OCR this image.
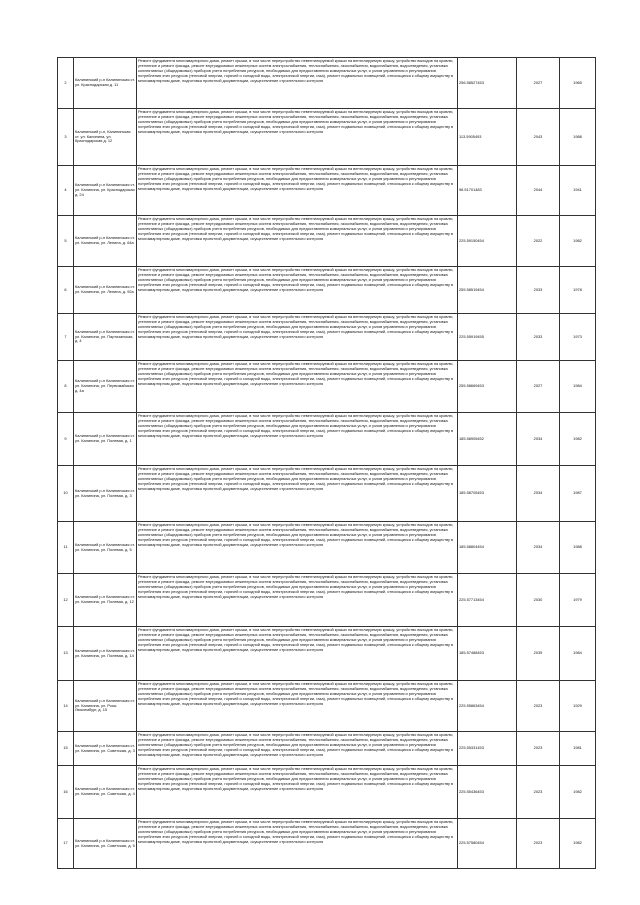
2	Калининский р-н Калининская ст. ул. Краснодарская д. 11	Ремонт фундамента многоквартирного дома, ремонт крыши, в том числе переустройство невентилируемой крыши на вентилируемую крышу, устройство выходов на кровлю, утепление и ремонт фасада, ремонт внутридомовых инженерных систем электроснабжения, теплоснабжения, газоснабжения, водоснабжения, водоотведения, установка коллективных (общедомовых) приборов учета потребления ресурсов, необходимых для предоставления коммунальных услуг, и узлов управления и регулирования потребления этих ресурсов (тепловой энергии, горячей и холодной воды, электрической энергии, газа), ремонт подвальных помещений, относящихся к общему имуществу в многоквартирном доме, подготовка проектной документации, осуществление строительного контроля	256.58527453	2027	1965
3	Калининский р-н, Калининская ст. ул. Калинина, ул. Краснодарская д. 12	Ремонт фундамента многоквартирного дома, ремонт крыши, в том числе переустройство невентилируемой крыши на вентилируемую крышу, устройство выходов на кровлю, утепление и ремонт фасада, ремонт внутридомовых инженерных систем электроснабжения, теплоснабжения, газоснабжения, водоснабжения, водоотведения, установка коллективных (общедомовых) приборов учета потребления ресурсов, необходимых для предоставления коммунальных услуг, и узлов управления и регулирования потребления этих ресурсов (тепловой энергии, горячей и холодной воды, электрической энергии, газа), ремонт подвальных помещений, относящихся к общему имуществу в многоквартирном доме, подготовка проектной документации, осуществление строительного контроля	113.5905493	2043	1988
4	Калининский р-н Калининская ст. ул. Калинина, ул. Краснодарская д. 24	Ремонт фундамента многоквартирного дома, ремонт крыши, в том числе переустройство невентилируемой крыши на вентилируемую крышу, устройство выходов на кровлю, утепление и ремонт фасада, ремонт внутридомовых инженерных систем электроснабжения, теплоснабжения, газоснабжения, водоснабжения, водоотведения, установка коллективных (общедомовых) приборов учета потребления ресурсов, необходимых для предоставления коммунальных услуг, и узлов управления и регулирования потребления этих ресурсов (тепловой энергии, горячей и холодной воды, электрической энергии, газа), ремонт подвальных помещений, относящихся к общему имуществу в многоквартирном доме, подготовка проектной документации, осуществление строительного контроля	96.51701483	2044	1941
5	Калининский р-н Калининская ст. ул. Калинина, ул. Ленина, д. 64а	Ремонт фундамента многоквартирного дома, ремонт крыши, в том числе переустройство невентилируемой крыши на вентилируемую крышу, устройство выходов на кровлю, утепление и ремонт фасада, ремонт внутридомовых инженерных систем электроснабжения, теплоснабжения, газоснабжения, водоснабжения, водоотведения, установка коллективных (общедомовых) приборов учета потребления ресурсов, необходимых для предоставления коммунальных услуг, и узлов управления и регулирования потребления этих ресурсов (тепловой энергии, горячей и холодной воды, электрической энергии, газа), ремонт подвальных помещений, относящихся к общему имуществу в многоквартирном доме, подготовка проектной документации, осуществление строительного контроля	225.59150454	2022	1982
6	Калининский р-н Калининская ст. ул. Калинина, ул. Ленина, д. 92а	Ремонт фундамента многоквартирного дома, ремонт крыши, в том числе переустройство невентилируемой крыши на вентилируемую крышу, устройство выходов на кровлю, утепление и ремонт фасада, ремонт внутридомовых инженерных систем электроснабжения, теплоснабжения, газоснабжения, водоснабжения, водоотведения, установка коллективных (общедомовых) приборов учета потребления ресурсов, необходимых для предоставления коммунальных услуг, и узлов управления и регулирования потребления этих ресурсов (тепловой энергии, горячей и холодной воды, электрической энергии, газа), ремонт подвальных помещений, относящихся к общему имуществу в многоквартирном доме, подготовка проектной документации, осуществление строительного контроля	255.58519454	2033	1978
7	Калининский р-н Калининская ст. ул. Калинина, ул. Партизанская, д. 4	Ремонт фундамента многоквартирного дома, ремонт крыши, в том числе переустройство невентилируемой крыши на вентилируемую крышу, устройство выходов на кровлю, утепление и ремонт фасада, ремонт внутридомовых инженерных систем электроснабжения, теплоснабжения, газоснабжения, водоснабжения, водоотведения, установка коллективных (общедомовых) приборов учета потребления ресурсов, необходимых для предоставления коммунальных услуг, и узлов управления и регулирования потребления этих ресурсов (тепловой энергии, горячей и холодной воды, электрической энергии, газа), ремонт подвальных помещений, относящихся к общему имуществу в многоквартирном доме, подготовка проектной документации, осуществление строительного контроля	225.55919455	2033	1973
8	Калининский р-н Калининская ст. ул. Калинина, ул. Первомайская д. 4а	Ремонт фундамента многоквартирного дома, ремонт крыши, в том числе переустройство невентилируемой крыши на вентилируемую крышу, устройство выходов на кровлю, утепление и ремонт фасада, ремонт внутридомовых инженерных систем электроснабжения, теплоснабжения, газоснабжения, водоснабжения, водоотведения, установка коллективных (общедомовых) приборов учета потребления ресурсов, необходимых для предоставления коммунальных услуг, и узлов управления и регулирования потребления этих ресурсов (тепловой энергии, горячей и холодной воды, электрической энергии, газа), ремонт подвальных помещений, относящихся к общему имуществу в многоквартирном доме, подготовка проектной документации, осуществление строительного контроля	255.58669453	2027	1984
9	Калининский р-н Калининская ст. ул. Калинина, ул. Полевая, д. 1	Ремонт фундамента многоквартирного дома, ремонт крыши, в том числе переустройство невентилируемой крыши на вентилируемую крышу, устройство выходов на кровлю, утепление и ремонт фасада, ремонт внутридомовых инженерных систем электроснабжения, теплоснабжения, газоснабжения, водоснабжения, водоотведения, установка коллективных (общедомовых) приборов учета потребления ресурсов, необходимых для предоставления коммунальных услуг, и узлов управления и регулирования потребления этих ресурсов (тепловой энергии, горячей и холодной воды, электрической энергии, газа), ремонт подвальных помещений, относящихся к общему имуществу в многоквартирном доме, подготовка проектной документации, осуществление строительного контроля	185.58905452	2034	1982
10	Калининский р-н Калининская ст. ул. Калинина, ул. Полевая, д. 3	Ремонт фундамента многоквартирного дома, ремонт крыши, в том числе переустройство невентилируемой крыши на вентилируемую крышу, устройство выходов на кровлю, утепление и ремонт фасада, ремонт внутридомовых инженерных систем электроснабжения, теплоснабжения, газоснабжения, водоснабжения, водоотведения, установка коллективных (общедомовых) приборов учета потребления ресурсов, необходимых для предоставления коммунальных услуг, и узлов управления и регулирования потребления этих ресурсов (тепловой энергии, горячей и холодной воды, электрической энергии, газа), ремонт подвальных помещений, относящихся к общему имуществу в многоквартирном доме, подготовка проектной документации, осуществление строительного контроля	185.58705453	2034	1987
11	Калининский р-н Калининская ст. ул. Калинина, ул. Полевая, д. 5	Ремонт фундамента многоквартирного дома, ремонт крыши, в том числе переустройство невентилируемой крыши на вентилируемую крышу, устройство выходов на кровлю, утепление и ремонт фасада, ремонт внутридомовых инженерных систем электроснабжения, теплоснабжения, газоснабжения, водоснабжения, водоотведения, установка коллективных (общедомовых) приборов учета потребления ресурсов, необходимых для предоставления коммунальных услуг, и узлов управления и регулирования потребления этих ресурсов (тепловой энергии, горячей и холодной воды, электрической энергии, газа), ремонт подвальных помещений, относящихся к общему имуществу в многоквартирном доме, подготовка проектной документации, осуществление строительного контроля	185.58804454	2034	1988
12	Калининский р-н Калининская ст. ул. Калинина, ул. Полевая, д. 12	Ремонт фундамента многоквартирного дома, ремонт крыши, в том числе переустройство невентилируемой крыши на вентилируемую крышу, устройство выходов на кровлю, утепление и ремонт фасада, ремонт внутридомовых инженерных систем электроснабжения, теплоснабжения, газоснабжения, водоснабжения, водоотведения, установка коллективных (общедомовых) приборов учета потребления ресурсов, необходимых для предоставления коммунальных услуг, и узлов управления и регулирования потребления этих ресурсов (тепловой энергии, горячей и холодной воды, электрической энергии, газа), ремонт подвальных помещений, относящихся к общему имуществу в многоквартирном доме, подготовка проектной документации, осуществление строительного контроля	225.57713454	2030	1979
13	Калининский р-н Калининская ст. ул. Калинина, ул. Полевая, д. 14	Ремонт фундамента многоквартирного дома, ремонт крыши, в том числе переустройство невентилируемой крыши на вентилируемую крышу, устройство выходов на кровлю, утепление и ремонт фасада, ремонт внутридомовых инженерных систем электроснабжения, теплоснабжения, газоснабжения, водоснабжения, водоотведения, установка коллективных (общедомовых) приборов учета потребления ресурсов, необходимых для предоставления коммунальных услуг, и узлов управления и регулирования потребления этих ресурсов (тепловой энергии, горячей и холодной воды, электрической энергии, газа), ремонт подвальных помещений, относящихся к общему имуществу в многоквартирном доме, подготовка проектной документации, осуществление строительного контроля	185.57488453	2035	1984
14	Калининский р-н Калининская ст. ул. Калинина, ул. Розы Люксембург, д. 15	Ремонт фундамента многоквартирного дома, ремонт крыши, в том числе переустройство невентилируемой крыши на вентилируемую крышу, устройство выходов на кровлю, утепление и ремонт фасада, ремонт внутридомовых инженерных систем электроснабжения, теплоснабжения, газоснабжения, водоснабжения, водоотведения, установка коллективных (общедомовых) приборов учета потребления ресурсов, необходимых для предоставления коммунальных услуг, и узлов управления и регулирования потребления этих ресурсов (тепловой энергии, горячей и холодной воды, электрической энергии, газа), ремонт подвальных помещений, относящихся к общему имуществу в многоквартирном доме, подготовка проектной документации, осуществление строительного контроля	225.55863454	2023	1929
15	Калининский р-н Калининская ст. ул. Калинина, ул. Советская, д. 3	Ремонт фундамента многоквартирного дома, ремонт крыши, в том числе переустройство невентилируемой крыши на вентилируемую крышу, устройство выходов на кровлю, утепление и ремонт фасада, ремонт внутридомовых инженерных систем электроснабжения, теплоснабжения, газоснабжения, водоснабжения, водоотведения, установка коллективных (общедомовых) приборов учета потребления ресурсов, необходимых для предоставления коммунальных услуг, и узлов управления и регулирования потребления этих ресурсов (тепловой энергии, горячей и холодной воды, электрической энергии, газа), ремонт подвальных помещений, относящихся к общему имуществу в многоквартирном доме, подготовка проектной документации, осуществление строительного контроля	225.55331453	2023	1981
16	Калининский р-н Калининская ст. ул. Калинина, ул. Советская, д. 4	Ремонт фундамента многоквартирного дома, ремонт крыши, в том числе переустройство невентилируемой крыши на вентилируемую крышу, устройство выходов на кровлю, утепление и ремонт фасада, ремонт внутридомовых инженерных систем электроснабжения, теплоснабжения, газоснабжения, водоснабжения, водоотведения, установка коллективных (общедомовых) приборов учета потребления ресурсов, необходимых для предоставления коммунальных услуг, и узлов управления и регулирования потребления этих ресурсов (тепловой энергии, горячей и холодной воды, электрической энергии, газа), ремонт подвальных помещений, относящихся к общему имуществу в многоквартирном доме, подготовка проектной документации, осуществление строительного контроля	225.55436453	2023	1982
17	Калининский р-н Калининская ст. ул. Калинина, ул. Советская, д. 5	Ремонт фундамента многоквартирного дома, ремонт крыши, в том числе переустройство невентилируемой крыши на вентилируемую крышу, устройство выходов на кровлю, утепление и ремонт фасада, ремонт внутридомовых инженерных систем электроснабжения, теплоснабжения, газоснабжения, водоснабжения, водоотведения, установка коллективных (общедомовых) приборов учета потребления ресурсов, необходимых для предоставления коммунальных услуг, и узлов управления и регулирования потребления этих ресурсов (тепловой энергии, горячей и холодной воды, электрической энергии, газа), ремонт подвальных помещений, относящихся к общему имуществу в многоквартирном доме, подготовка проектной документации, осуществление строительного контроля	225.57580454	2023	1982
